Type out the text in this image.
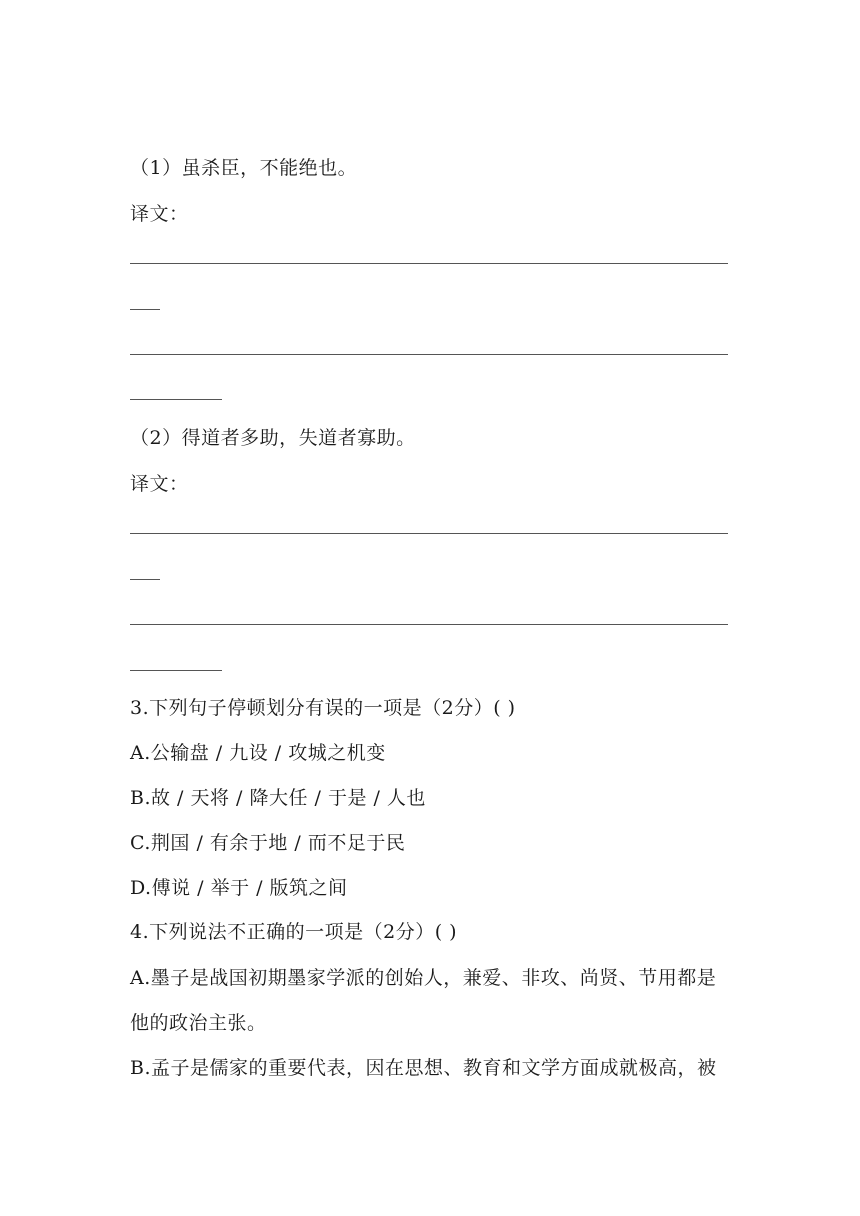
（1）虽杀臣，不能绝也。
译文：
（2）得道者多助，失道者寡助。
译文：
3.下列句子停顿划分有误的一项是（2分）( )
A.公输盘 / 九设 / 攻城之机变
B.故 / 天将 / 降大任 / 于是 / 人也
C.荆国 / 有余于地 / 而不足于民
D.傅说 / 举于 / 版筑之间
4.下列说法不正确的一项是（2分）( )
A.墨子是战国初期墨家学派的创始人，兼爱、非攻、尚贤、节用都是
他的政治主张。
B.孟子是儒家的重要代表，因在思想、教育和文学方面成就极高，被
